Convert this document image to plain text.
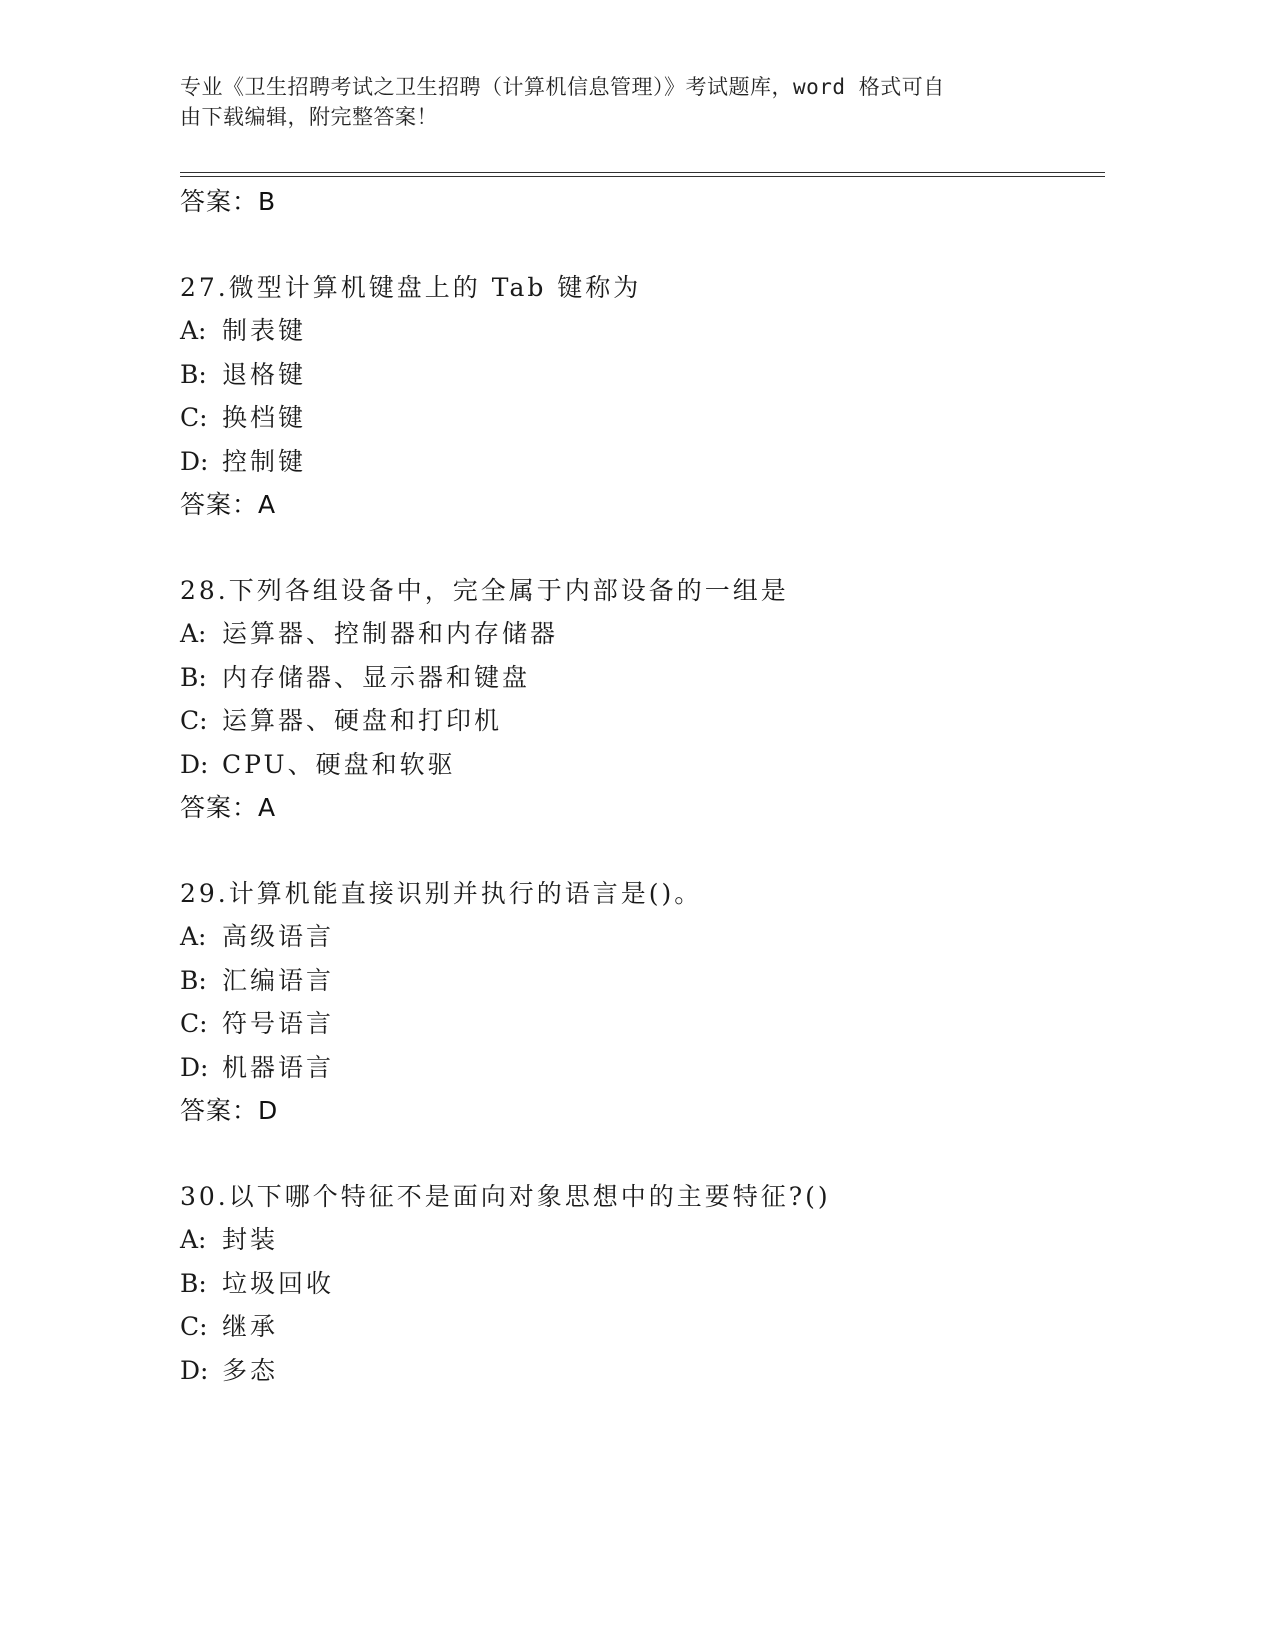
专业《卫生招聘考试之卫生招聘（计算机信息管理）》考试题库，word 格式可自
由下载编辑，附完整答案！

答案：B

27.微型计算机键盘上的 Tab 键称为

A: 制表键

B: 退格键

C: 换档键

D: 控制键

答案：A

28.下列各组设备中，完全属于内部设备的一组是

A: 运算器、控制器和内存储器

B: 内存储器、显示器和键盘

C: 运算器、硬盘和打印机

D: CPU、硬盘和软驱

答案：A

29.计算机能直接识别并执行的语言是()。

A: 高级语言

B: 汇编语言

C: 符号语言

D: 机器语言

答案：D

30.以下哪个特征不是面向对象思想中的主要特征?()

A: 封装

B: 垃圾回收

C: 继承

D: 多态
